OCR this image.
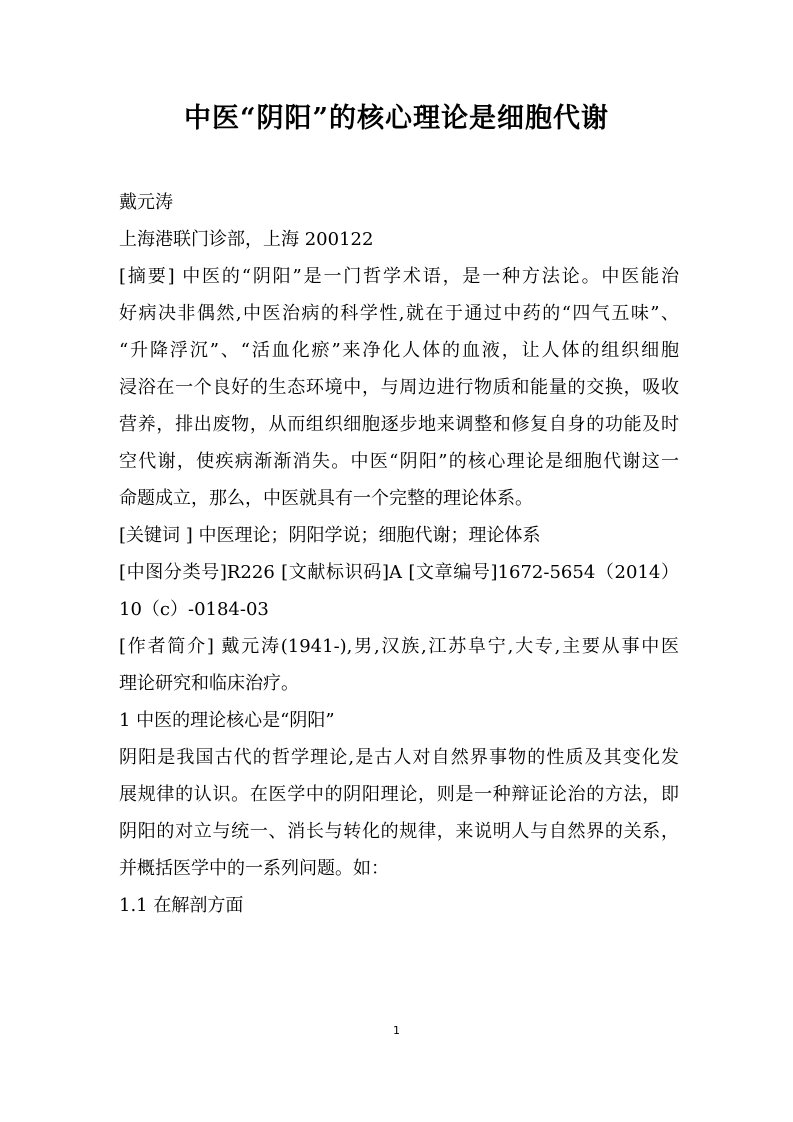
中医“阴阳”的核心理论是细胞代谢
戴元涛
上海港联门诊部，上海 200122
[摘要] 中医的“阴阳”是一门哲学术语，是一种方法论。中医能治
好病决非偶然,中医治病的科学性,就在于通过中药的“四气五味”、
“升降浮沉”、“活血化瘀”来净化人体的血液，让人体的组织细胞
浸浴在一个良好的生态环境中，与周边进行物质和能量的交换，吸收
营养，排出废物，从而组织细胞逐步地来调整和修复自身的功能及时
空代谢，使疾病渐渐消失。中医“阴阳”的核心理论是细胞代谢这一
命题成立，那么，中医就具有一个完整的理论体系。
[关键词 ] 中医理论；阴阳学说；细胞代谢；理论体系
[中图分类号]R226 [文献标识码]A [文章编号]1672-5654（2014）
10（c）-0184-03
[作者简介] 戴元涛(1941-),男,汉族,江苏阜宁,大专,主要从事中医
理论研究和临床治疗。
1 中医的理论核心是“阴阳”
阴阳是我国古代的哲学理论,是古人对自然界事物的性质及其变化发
展规律的认识。在医学中的阴阳理论，则是一种辩证论治的方法，即
阴阳的对立与统一、消长与转化的规律，来说明人与自然界的关系，
并概括医学中的一系列问题。如：
1.1 在解剖方面
1
